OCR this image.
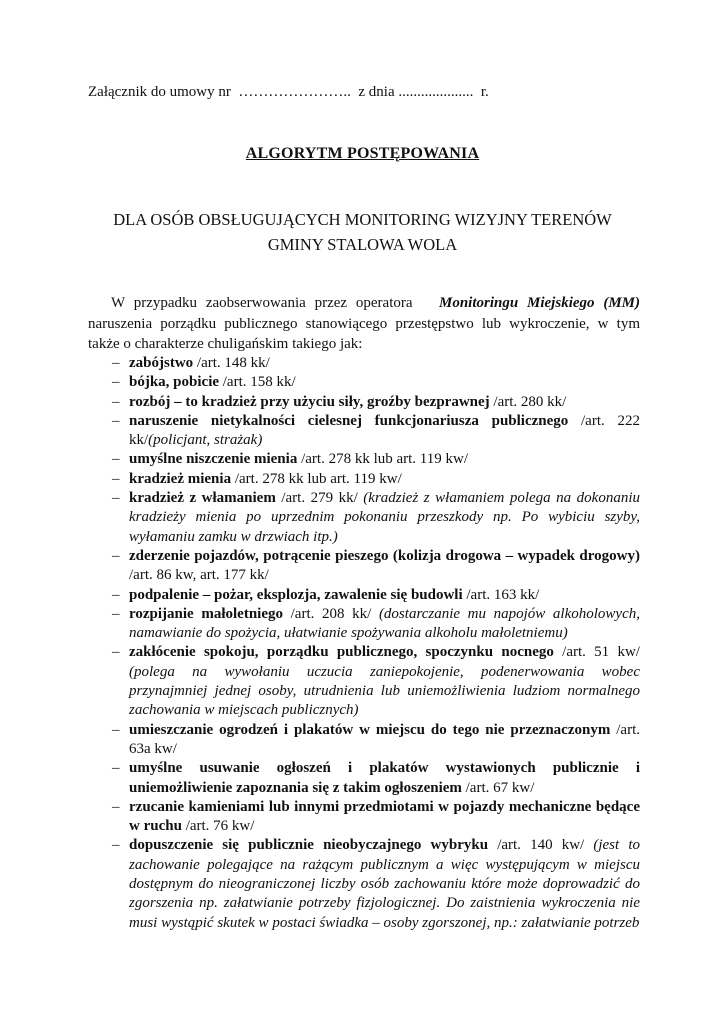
Załącznik do umowy nr  …………………..  z dnia ....................  r.
ALGORYTM POSTĘPOWANIA
DLA OSÓB OBSŁUGUJĄCYCH MONITORING WIZYJNY TERENÓW
GMINY STALOWA WOLA
W przypadku zaobserwowania przez operatora Monitoringu Miejskiego (MM) naruszenia porządku publicznego stanowiącego przestępstwo lub wykroczenie, w tym także o charakterze chuligańskim takiego jak:
– zabójstwo /art. 148 kk/
– bójka, pobicie /art. 158 kk/
– rozbój – to kradzież przy użyciu siły, groźby bezprawnej /art. 280 kk/
– naruszenie nietykalności cielesnej funkcjonariusza publicznego /art. 222 kk/(policjant, strażak)
– umyślne niszczenie mienia /art. 278 kk lub art. 119 kw/
– kradzież mienia /art. 278 kk lub art. 119 kw/
– kradzież z włamaniem /art. 279 kk/ (kradzież z włamaniem polega na dokonaniu kradzieży mienia po uprzednim pokonaniu przeszkody np. Po wybiciu szyby, wyłamaniu zamku w drzwiach itp.)
– zderzenie pojazdów, potrącenie pieszego (kolizja drogowa – wypadek drogowy) /art. 86 kw, art. 177 kk/
– podpalenie – pożar, eksplozja, zawalenie się budowli /art. 163 kk/
– rozpijanie małoletniego /art. 208 kk/ (dostarczanie mu napojów alkoholowych, namawianie do spożycia, ułatwianie spożywania alkoholu małoletniemu)
– zakłócenie spokoju, porządku publicznego, spoczynku nocnego /art. 51 kw/ (polega na wywołaniu uczucia zaniepokojenie, podenerwowania wobec przynajmniej jednej osoby, utrudnienia lub uniemożliwienia ludziom normalnego zachowania w miejscach publicznych)
– umieszczanie ogrodzeń i plakatów w miejscu do tego nie przeznaczonym /art. 63a kw/
– umyślne usuwanie ogłoszeń i plakatów wystawionych publicznie i uniemożliwienie zapoznania się z takim ogłoszeniem /art. 67 kw/
– rzucanie kamieniami lub innymi przedmiotami w pojazdy mechaniczne będące w ruchu /art. 76 kw/
– dopuszczenie się publicznie nieobyczajnego wybryku /art. 140 kw/ (jest to zachowanie polegające na rażącym publicznym a więc występującym w miejscu dostępnym do nieograniczonej liczby osób zachowaniu które może doprowadzić do zgorszenia np. załatwianie potrzeby fizjologicznej. Do zaistnienia wykroczenia nie musi wystąpić skutek w postaci świadka – osoby zgorszonej, np.: załatwianie potrzeb
